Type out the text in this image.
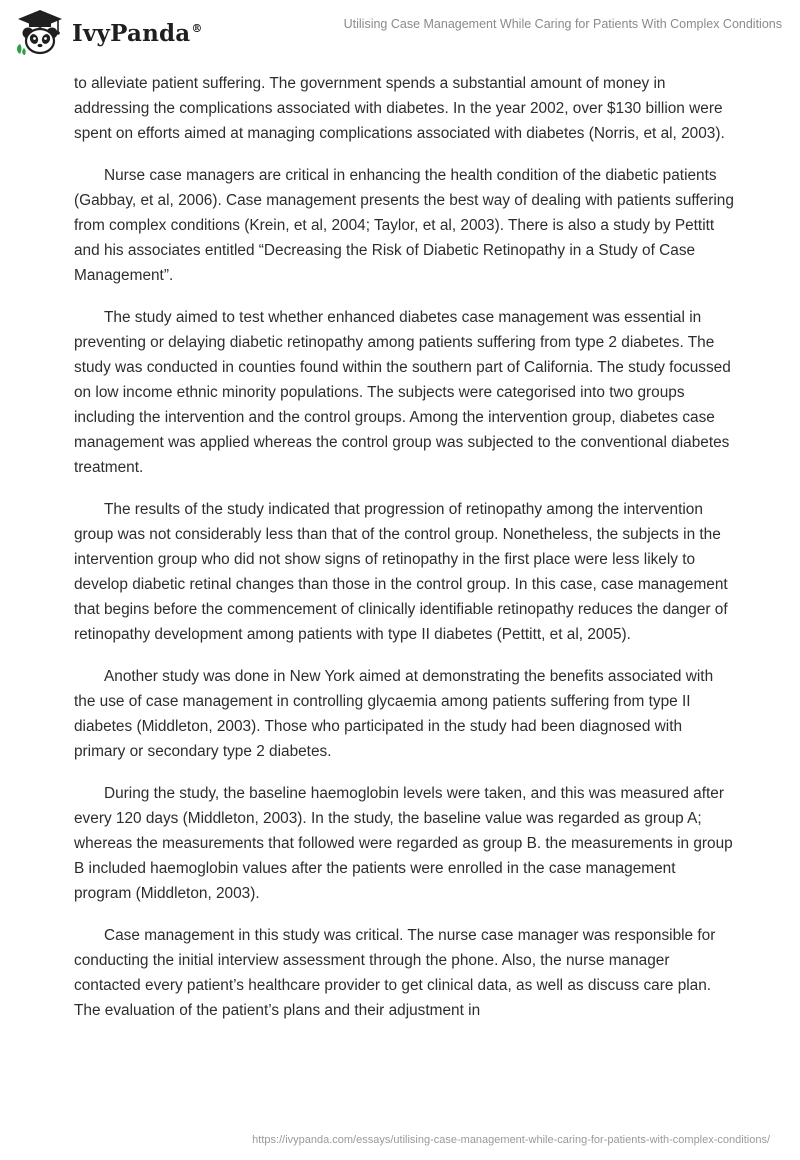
IvyPanda®	Utilising Case Management While Caring for Patients With Complex Conditions

to alleviate patient suffering. The government spends a substantial amount of money in addressing the complications associated with diabetes. In the year 2002, over $130 billion were spent on efforts aimed at managing complications associated with diabetes (Norris, et al, 2003).

Nurse case managers are critical in enhancing the health condition of the diabetic patients (Gabbay, et al, 2006). Case management presents the best way of dealing with patients suffering from complex conditions (Krein, et al, 2004; Taylor, et al, 2003). There is also a study by Pettitt and his associates entitled “Decreasing the Risk of Diabetic Retinopathy in a Study of Case Management”.

The study aimed to test whether enhanced diabetes case management was essential in preventing or delaying diabetic retinopathy among patients suffering from type 2 diabetes. The study was conducted in counties found within the southern part of California. The study focussed on low income ethnic minority populations. The subjects were categorised into two groups including the intervention and the control groups. Among the intervention group, diabetes case management was applied whereas the control group was subjected to the conventional diabetes treatment.

The results of the study indicated that progression of retinopathy among the intervention group was not considerably less than that of the control group. Nonetheless, the subjects in the intervention group who did not show signs of retinopathy in the first place were less likely to develop diabetic retinal changes than those in the control group. In this case, case management that begins before the commencement of clinically identifiable retinopathy reduces the danger of retinopathy development among patients with type II diabetes (Pettitt, et al, 2005).

Another study was done in New York aimed at demonstrating the benefits associated with the use of case management in controlling glycaemia among patients suffering from type II diabetes (Middleton, 2003). Those who participated in the study had been diagnosed with primary or secondary type 2 diabetes.

During the study, the baseline haemoglobin levels were taken, and this was measured after every 120 days (Middleton, 2003). In the study, the baseline value was regarded as group A; whereas the measurements that followed were regarded as group B. the measurements in group B included haemoglobin values after the patients were enrolled in the case management program (Middleton, 2003).

Case management in this study was critical. The nurse case manager was responsible for conducting the initial interview assessment through the phone. Also, the nurse manager contacted every patient’s healthcare provider to get clinical data, as well as discuss care plan. The evaluation of the patient’s plans and their adjustment in

https://ivypanda.com/essays/utilising-case-management-while-caring-for-patients-with-complex-conditions/
